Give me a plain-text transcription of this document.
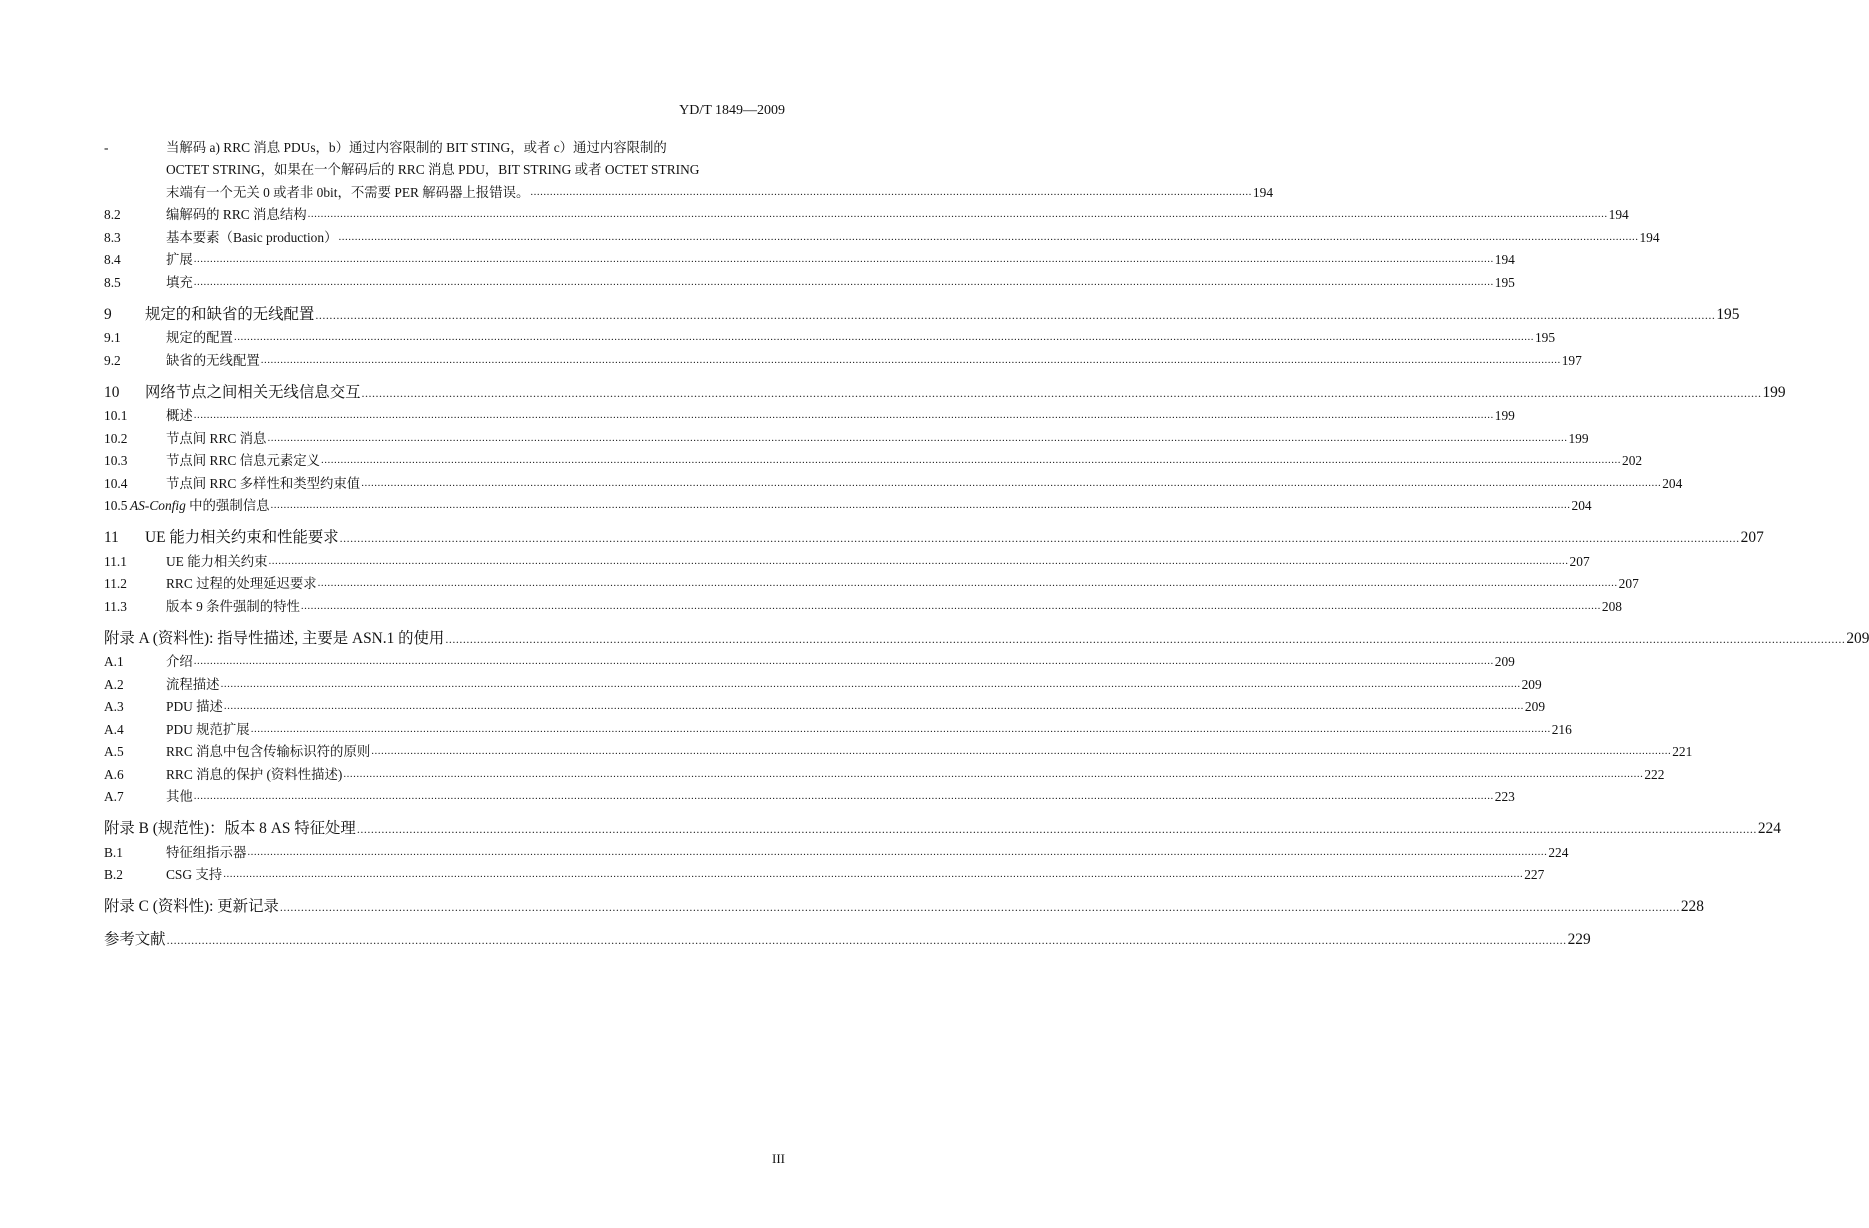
YD/T 1849—2009
-	当解码 a) RRC 消息 PDUs，b）通过内容限制的 BIT STING，或者 c）通过内容限制的
OCTET STRING，如果在一个解码后的 RRC 消息 PDU，BIT STRING 或者 OCTET STRING
末端有一个无关 0 或者非 0bit，不需要 PER 解码器上报错误。 .............................................................................................................................................................................................................................. 194
8.2	编解码的 RRC 消息结构 ................................................................................................................................................................................................................................................................................................................................................................................................................ 194
8.3	基本要素（Basic production） ................................................................................................................................................................................................................................................................................................................................................................................................................ 194
8.4	扩展 ................................................................................................................................................................................................................................................................................................................................................................................................................ 194
8.5	填充 ................................................................................................................................................................................................................................................................................................................................................................................................................ 195
9	规定的和缺省的无线配置 ................................................................................................................................................................................................................................................................................................................................................................................................................ 195
9.1	规定的配置 ................................................................................................................................................................................................................................................................................................................................................................................................................ 195
9.2	缺省的无线配置 ................................................................................................................................................................................................................................................................................................................................................................................................................ 197
10	网络节点之间相关无线信息交互 ................................................................................................................................................................................................................................................................................................................................................................................................................ 199
10.1	概述 ................................................................................................................................................................................................................................................................................................................................................................................................................ 199
10.2	节点间 RRC 消息 ................................................................................................................................................................................................................................................................................................................................................................................................................ 199
10.3	节点间 RRC 信息元素定义 ................................................................................................................................................................................................................................................................................................................................................................................................................ 202
10.4	节点间 RRC 多样性和类型约束值 ................................................................................................................................................................................................................................................................................................................................................................................................................ 204
10.5 AS-Config 中的强制信息 ................................................................................................................................................................................................................................................................................................................................................................................................................ 204
11	UE 能力相关约束和性能要求 ................................................................................................................................................................................................................................................................................................................................................................................................................ 207
11.1	UE 能力相关约束 ................................................................................................................................................................................................................................................................................................................................................................................................................ 207
11.2	RRC 过程的处理延迟要求 ................................................................................................................................................................................................................................................................................................................................................................................................................ 207
11.3	版本 9 条件强制的特性 ................................................................................................................................................................................................................................................................................................................................................................................................................ 208
附录 A (资料性): 指导性描述, 主要是 ASN.1 的使用 ................................................................................................................................................................................................................................................................................................................................................................................................................ 209
A.1	介绍 ................................................................................................................................................................................................................................................................................................................................................................................................................ 209
A.2	流程描述 ................................................................................................................................................................................................................................................................................................................................................................................................................ 209
A.3	PDU 描述 ................................................................................................................................................................................................................................................................................................................................................................................................................ 209
A.4	PDU 规范扩展 ................................................................................................................................................................................................................................................................................................................................................................................................................ 216
A.5	RRC 消息中包含传输标识符的原则 ................................................................................................................................................................................................................................................................................................................................................................................................................ 221
A.6	RRC 消息的保护 (资料性描述) ................................................................................................................................................................................................................................................................................................................................................................................................................ 222
A.7	其他 ................................................................................................................................................................................................................................................................................................................................................................................................................ 223
附录 B (规范性)：版本 8 AS 特征处理 ................................................................................................................................................................................................................................................................................................................................................................................................................ 224
B.1	特征组指示器 ................................................................................................................................................................................................................................................................................................................................................................................................................ 224
B.2	CSG 支持 ................................................................................................................................................................................................................................................................................................................................................................................................................ 227
附录 C (资料性): 更新记录 ................................................................................................................................................................................................................................................................................................................................................................................................................ 228
参考文献 ................................................................................................................................................................................................................................................................................................................................................................................................................ 229
III
